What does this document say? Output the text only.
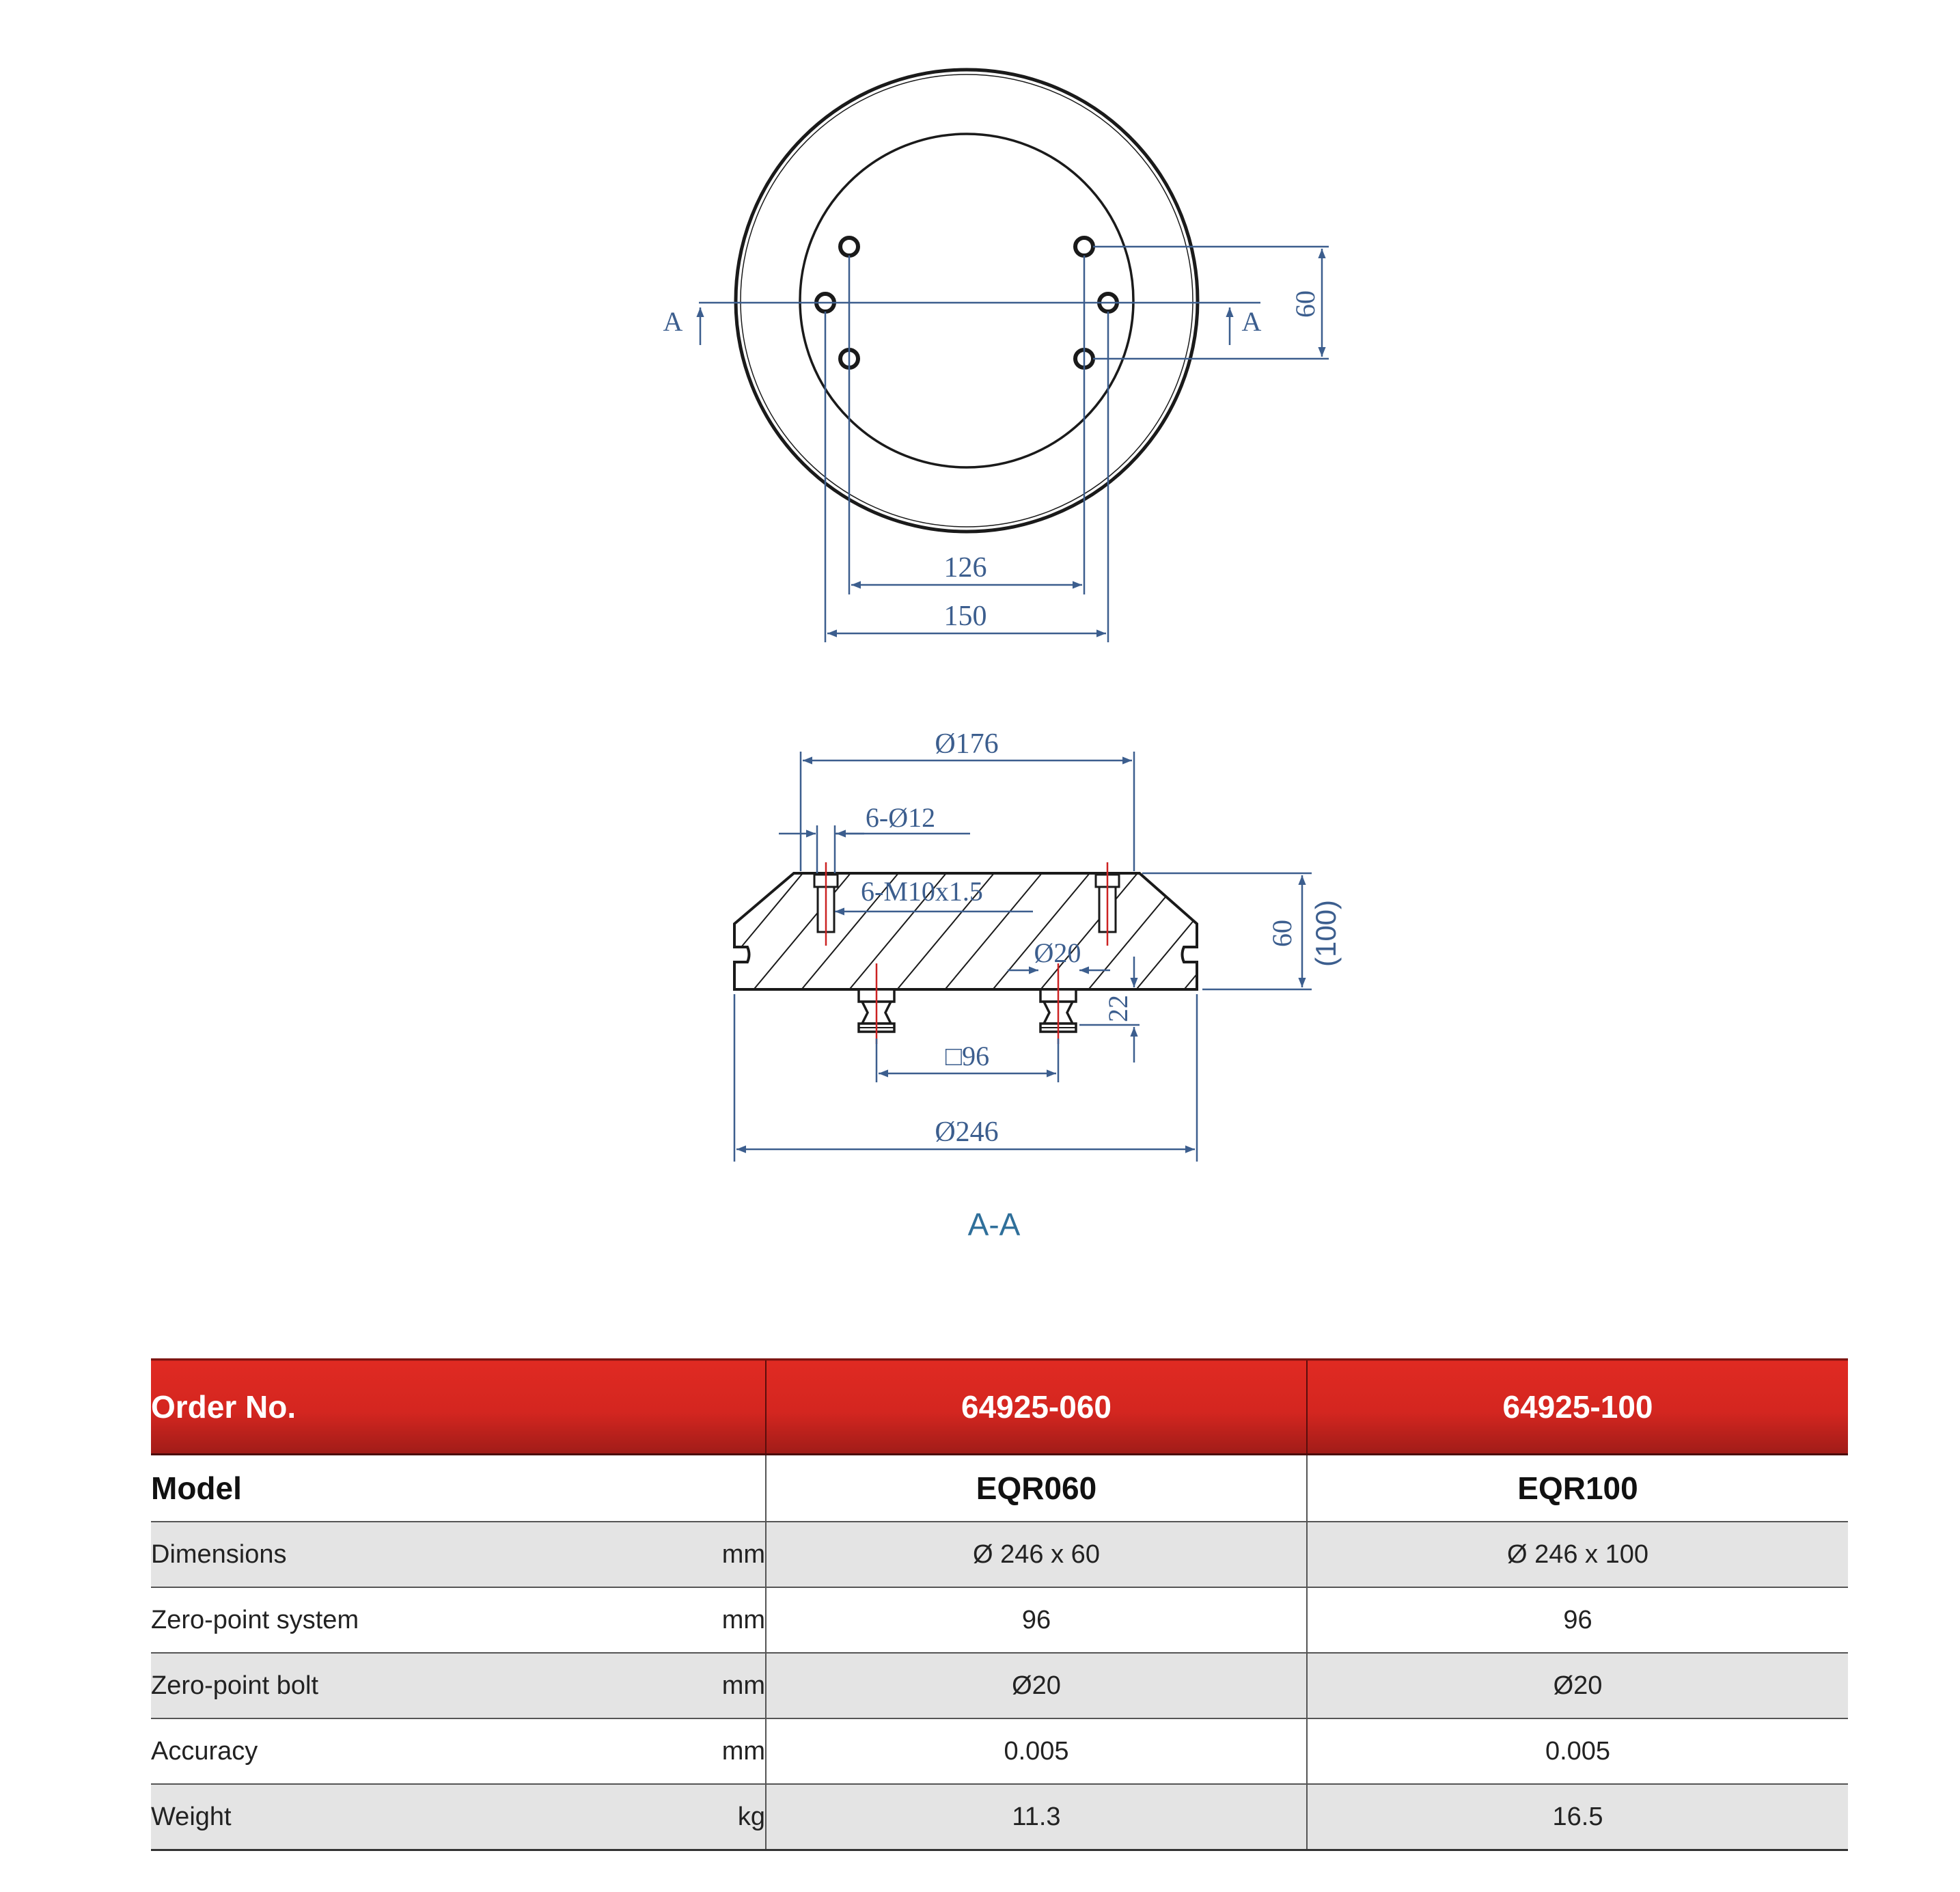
A	A
60
126
150
Ø176
6-Ø12
6-M10x1.5
Ø20
22
60 (100)
□96
Ø246
A-A
Order No.		64925-060	64925-100
Model		EQR060	EQR100
Dimensions	mm	Ø 246 x 60	Ø 246 x 100
Zero-point system	mm	96	96
Zero-point bolt	mm	Ø20	Ø20
Accuracy	mm	0.005	0.005
Weight	kg	11.3	16.5
